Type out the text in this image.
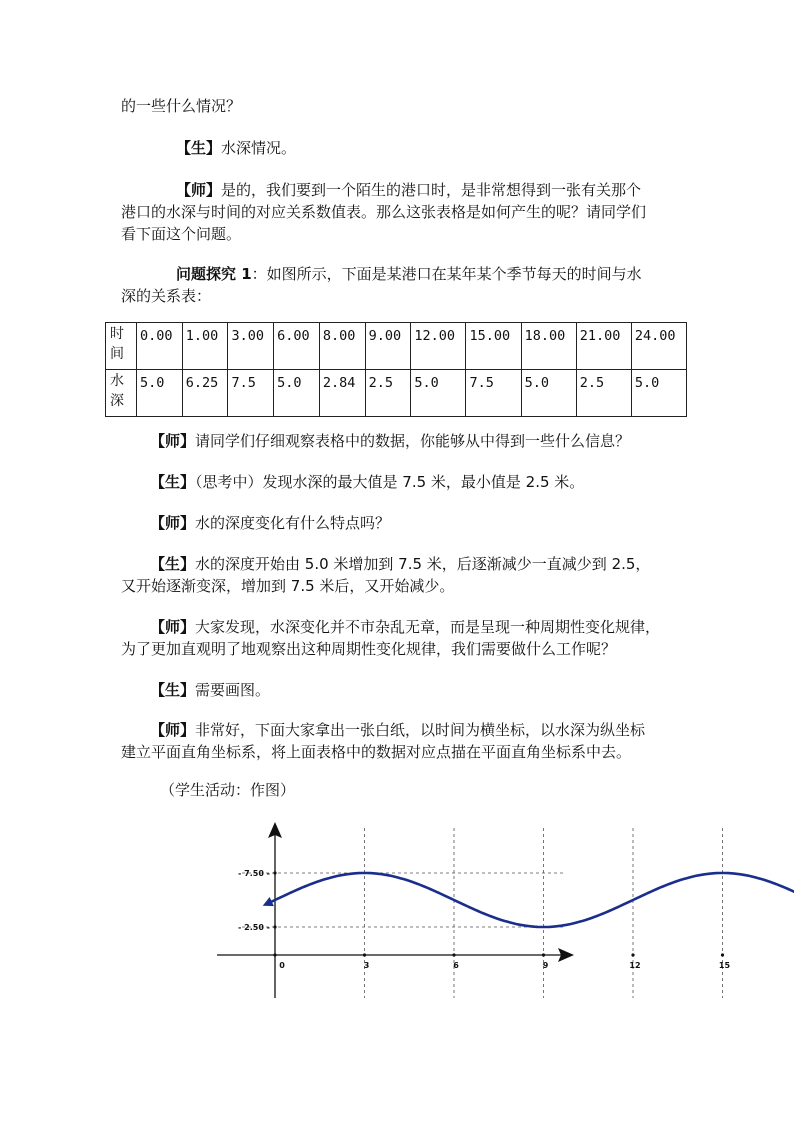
的一些什么情况？

【生】水深情况。

【师】是的，我们要到一个陌生的港口时，是非常想得到一张有关那个

港口的水深与时间的对应关系数值表。那么这张表格是如何产生的呢？请同学们

看下面这个问题。

问题探究 1：如图所示，下面是某港口在某年某个季节每天的时间与水

深的关系表：

时间	0.00	1.00	3.00	6.00	8.00	9.00	12.00	15.00	18.00	21.00	24.00
水深	5.0	6.25	7.5	5.0	2.84	2.5	5.0	7.5	5.0	2.5	5.0

【师】请同学们仔细观察表格中的数据，你能够从中得到一些什么信息？

【生】（思考中）发现水深的最大值是 7.5 米，最小值是 2.5 米。

【师】水的深度变化有什么特点吗？

【生】水的深度开始由 5.0 米增加到 7.5 米，后逐渐减少一直减少到 2.5，

又开始逐渐变深，增加到 7.5 米后，又开始减少。

【师】大家发现，水深变化并不市杂乱无章，而是呈现一种周期性变化规律，

为了更加直观明了地观察出这种周期性变化规律，我们需要做什么工作呢？

【生】需要画图。

【师】非常好，下面大家拿出一张白纸，以时间为横坐标，以水深为纵坐标

建立平面直角坐标系，将上面表格中的数据对应点描在平面直角坐标系中去。

（学生活动：作图）

0	3	6	9	12	15
- 7.50 -
- 2.50 -
